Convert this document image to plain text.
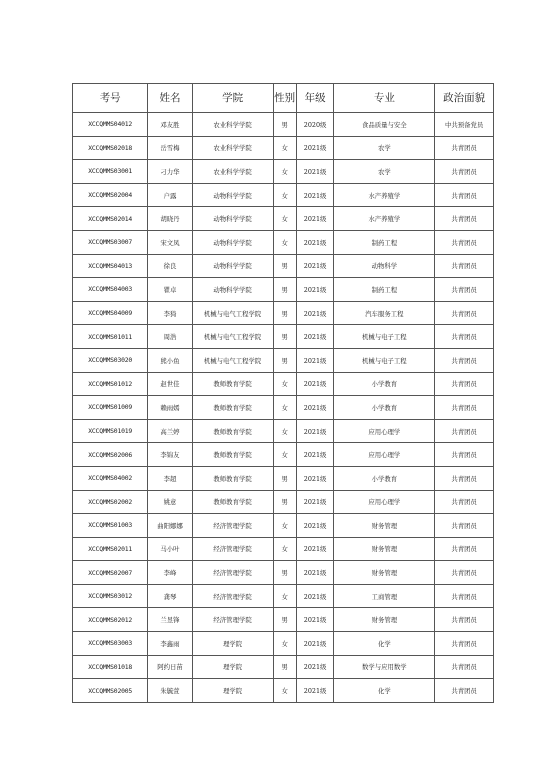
考号	姓名	学院	性别	年级	专业	政治面貌
XCCQMMS04012	邓友胜	农业科学学院	男	2020级	食品质量与安全	中共预备党员
XCCQMMS02018	岳雪梅	农业科学学院	女	2021级	农学	共青团员
XCCQMMS03001	刁力华	农业科学学院	女	2021级	农学	共青团员
XCCQMMS02004	户露	动物科学学院	女	2021级	水产养殖学	共青团员
XCCQMMS02014	胡晓丹	动物科学学院	女	2021级	水产养殖学	共青团员
XCCQMMS03007	宋文凤	动物科学学院	女	2021级	制药工程	共青团员
XCCQMMS04013	徐良	动物科学学院	男	2021级	动物科学	共青团员
XCCQMMS04003	瞿卓	动物科学学院	男	2021级	制药工程	共青团员
XCCQMMS04009	李猗	机械与电气工程学院	男	2021级	汽车服务工程	共青团员
XCCQMMS01011	周浩	机械与电气工程学院	男	2021级	机械与电子工程	共青团员
XCCQMMS03020	熊小鱼	机械与电气工程学院	男	2021级	机械与电子工程	共青团员
XCCQMMS01012	赵世佳	教师教育学院	女	2021级	小学教育	共青团员
XCCQMMS01009	赖雨嫣	教师教育学院	女	2021级	小学教育	共青团员
XCCQMMS01019	高兰婷	教师教育学院	女	2021级	应用心理学	共青团员
XCCQMMS02006	李锦友	教师教育学院	女	2021级	应用心理学	共青团员
XCCQMMS04002	李超	教师教育学院	男	2021级	小学教育	共青团员
XCCQMMS02002	姚意	教师教育学院	男	2021级	应用心理学	共青团员
XCCQMMS01003	曲阳娜娜	经济管理学院	女	2021级	财务管理	共青团员
XCCQMMS02011	马小叶	经济管理学院	女	2021级	财务管理	共青团员
XCCQMMS02007	李峰	经济管理学院	男	2021级	财务管理	共青团员
XCCQMMS03012	龚琴	经济管理学院	女	2021级	工商管理	共青团员
XCCQMMS02012	兰昱锋	经济管理学院	男	2021级	财务管理	共青团员
XCCQMMS03003	李鑫雨	理学院	女	2021级	化学	共青团员
XCCQMMS01018	阿约日苗	理学院	男	2021级	数学与应用数学	共青团员
XCCQMMS02005	朱毓萱	理学院	女	2021级	化学	共青团员
